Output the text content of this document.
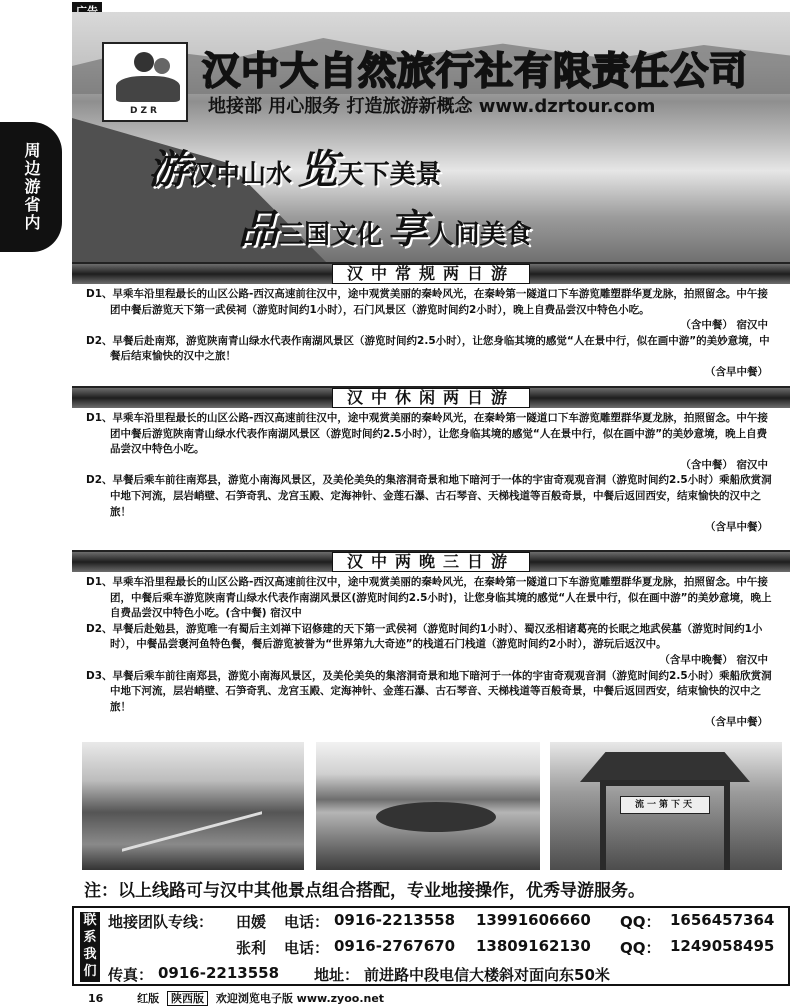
周边游
省内
DZR
汉中大自然旅行社有限责任公司
地接部 用心服务 打造旅游新概念 www.dzrtour.com
游汉中山水 览天下美景
品三国文化 享人间美食
汉中常规两日游

D1、早乘车沿里程最长的山区公路-西汉高速前往汉中，途中观赏美丽的秦岭风光，在秦岭第一隧道口下车游览雕塑群华夏龙脉，拍照留念。中午接团中餐后游览天下第一武侯祠（游览时间约1小时），石门风景区（游览时间约2小时），晚上自费品尝汉中特色小吃。
（含中餐） 宿汉中

D2、早餐后赴南郑，游览陕南青山绿水代表作南湖风景区（游览时间约2.5小时），让您身临其境的感觉“人在景中行，似在画中游”的美妙意境，中餐后结束愉快的汉中之旅！
（含早中餐）

汉中休闲两日游

D1、早乘车沿里程最长的山区公路-西汉高速前往汉中，途中观赏美丽的秦岭风光，在秦岭第一隧道口下车游览雕塑群华夏龙脉，拍照留念。中午接团中餐后游览陕南青山绿水代表作南湖风景区（游览时间约2.5小时），让您身临其境的感觉“人在景中行，似在画中游”的美妙意境，晚上自费品尝汉中特色小吃。
（含中餐） 宿汉中

D2、早餐后乘车前往南郑县，游览小南海风景区，及美伦美奂的集溶洞奇景和地下暗河于一体的宇宙奇观观音洞（游览时间约2.5小时）乘船欣赏洞中地下河流，层岩峭壁、石笋奇乳、龙宫玉殿、定海神针、金莲石瀑、古石琴音、天梯栈道等百般奇景，中餐后返回西安，结束愉快的汉中之旅！
（含早中餐）

汉中两晚三日游

D1、早乘车沿里程最长的山区公路-西汉高速前往汉中，途中观赏美丽的秦岭风光，在秦岭第一隧道口下车游览雕塑群华夏龙脉，拍照留念。中午接团，中餐后乘车游览陕南青山绿水代表作南湖风景区(游览时间约2.5小时)，让您身临其境的感觉“人在景中行，似在画中游”的美妙意境，晚上自费品尝汉中特色小吃。(含中餐) 宿汉中

D2、早餐后赴勉县，游览唯一有蜀后主刘禅下诏修建的天下第一武侯祠（游览时间约1小时）、蜀汉丞相诸葛亮的长眠之地武侯墓（游览时间约1小时），中餐品尝褒河鱼特色餐，餐后游览被誉为“世界第九大奇迹”的栈道石门栈道（游览时间约2小时），游玩后返汉中。
（含早中晚餐） 宿汉中

D3、早餐后乘车前往南郑县，游览小南海风景区，及美伦美奂的集溶洞奇景和地下暗河于一体的宇宙奇观观音洞（游览时间约2.5小时）乘船欣赏洞中地下河流，层岩峭壁、石笋奇乳、龙宫玉殿、定海神针、金莲石瀑、古石琴音、天梯栈道等百般奇景，中餐后返回西安，结束愉快的汉中之旅！
（含早中餐）

流一第下天
注：以上线路可与汉中其他景点组合搭配，专业地接操作，优秀导游服务。
联系我们
地接团队专线： 田媛 电话： 0916-2213558 13991606660 QQ： 1656457364
张利 电话： 0916-2767670 13809162130 QQ： 1249058495
传真： 0916-2213558 地址： 前进路中段电信大楼斜对面向东50米
16	红版 陕西版 欢迎浏览电子版 www.zyoo.net
